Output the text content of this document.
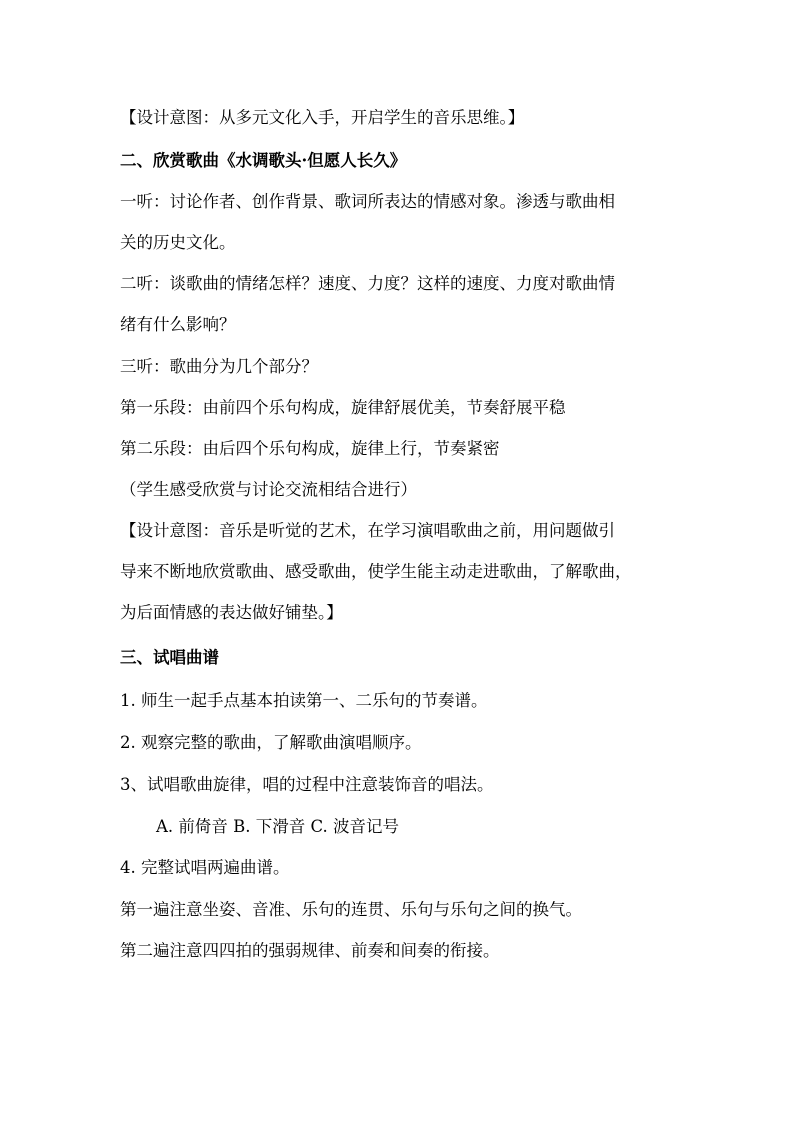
【设计意图：从多元文化入手，开启学生的音乐思维。】

二、欣赏歌曲《水调歌头·但愿人长久》

一听：讨论作者、创作背景、歌词所表达的情感对象。渗透与歌曲相

关的历史文化。

二听：谈歌曲的情绪怎样？速度、力度？这样的速度、力度对歌曲情

绪有什么影响？

三听：歌曲分为几个部分？

第一乐段：由前四个乐句构成，旋律舒展优美，节奏舒展平稳

第二乐段：由后四个乐句构成，旋律上行，节奏紧密

（学生感受欣赏与讨论交流相结合进行）

【设计意图：音乐是听觉的艺术，在学习演唱歌曲之前，用问题做引

导来不断地欣赏歌曲、感受歌曲，使学生能主动走进歌曲，了解歌曲，

为后面情感的表达做好铺垫。】

三、试唱曲谱

1. 师生一起手点基本拍读第一、二乐句的节奏谱。

2. 观察完整的歌曲，了解歌曲演唱顺序。

3、试唱歌曲旋律，唱的过程中注意装饰音的唱法。

A. 前倚音 B. 下滑音 C. 波音记号

4. 完整试唱两遍曲谱。

第一遍注意坐姿、音准、乐句的连贯、乐句与乐句之间的换气。

第二遍注意四四拍的强弱规律、前奏和间奏的衔接。
